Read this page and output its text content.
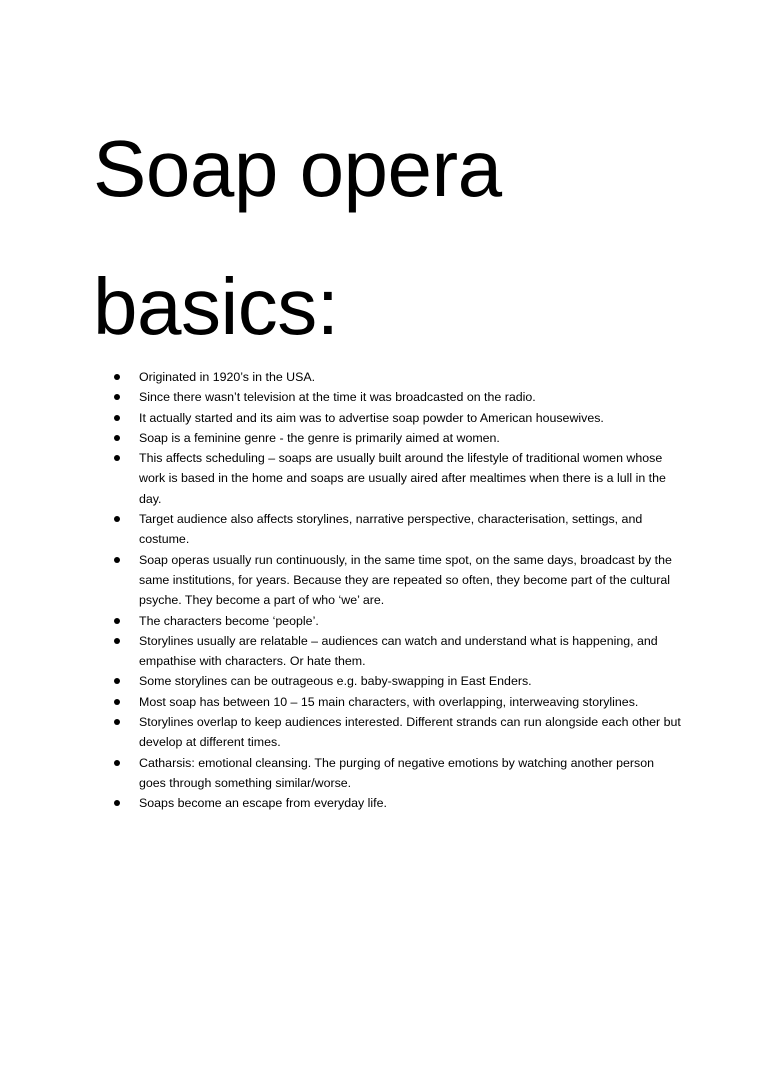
Soap opera
basics:
Originated in 1920’s in the USA.
Since there wasn’t television at the time it was broadcasted on the radio.
It actually started and its aim was to advertise soap powder to American housewives.
Soap is a feminine genre - the genre is primarily aimed at women.
This affects scheduling – soaps are usually built around the lifestyle of traditional women whose work is based in the home and soaps are usually aired after mealtimes when there is a lull in the day.
Target audience also affects storylines, narrative perspective, characterisation, settings, and costume.
Soap operas usually run continuously, in the same time spot, on the same days, broadcast by the same institutions, for years. Because they are repeated so often, they become part of the cultural psyche. They become a part of who ‘we’ are.
The characters become ‘people’.
Storylines usually are relatable – audiences can watch and understand what is happening, and empathise with characters. Or hate them.
Some storylines can be outrageous e.g. baby-swapping in East Enders.
Most soap has between 10 – 15 main characters, with overlapping, interweaving storylines.
Storylines overlap to keep audiences interested. Different strands can run alongside each other but develop at different times.
Catharsis: emotional cleansing. The purging of negative emotions by watching another person goes through something similar/worse.
Soaps become an escape from everyday life.
